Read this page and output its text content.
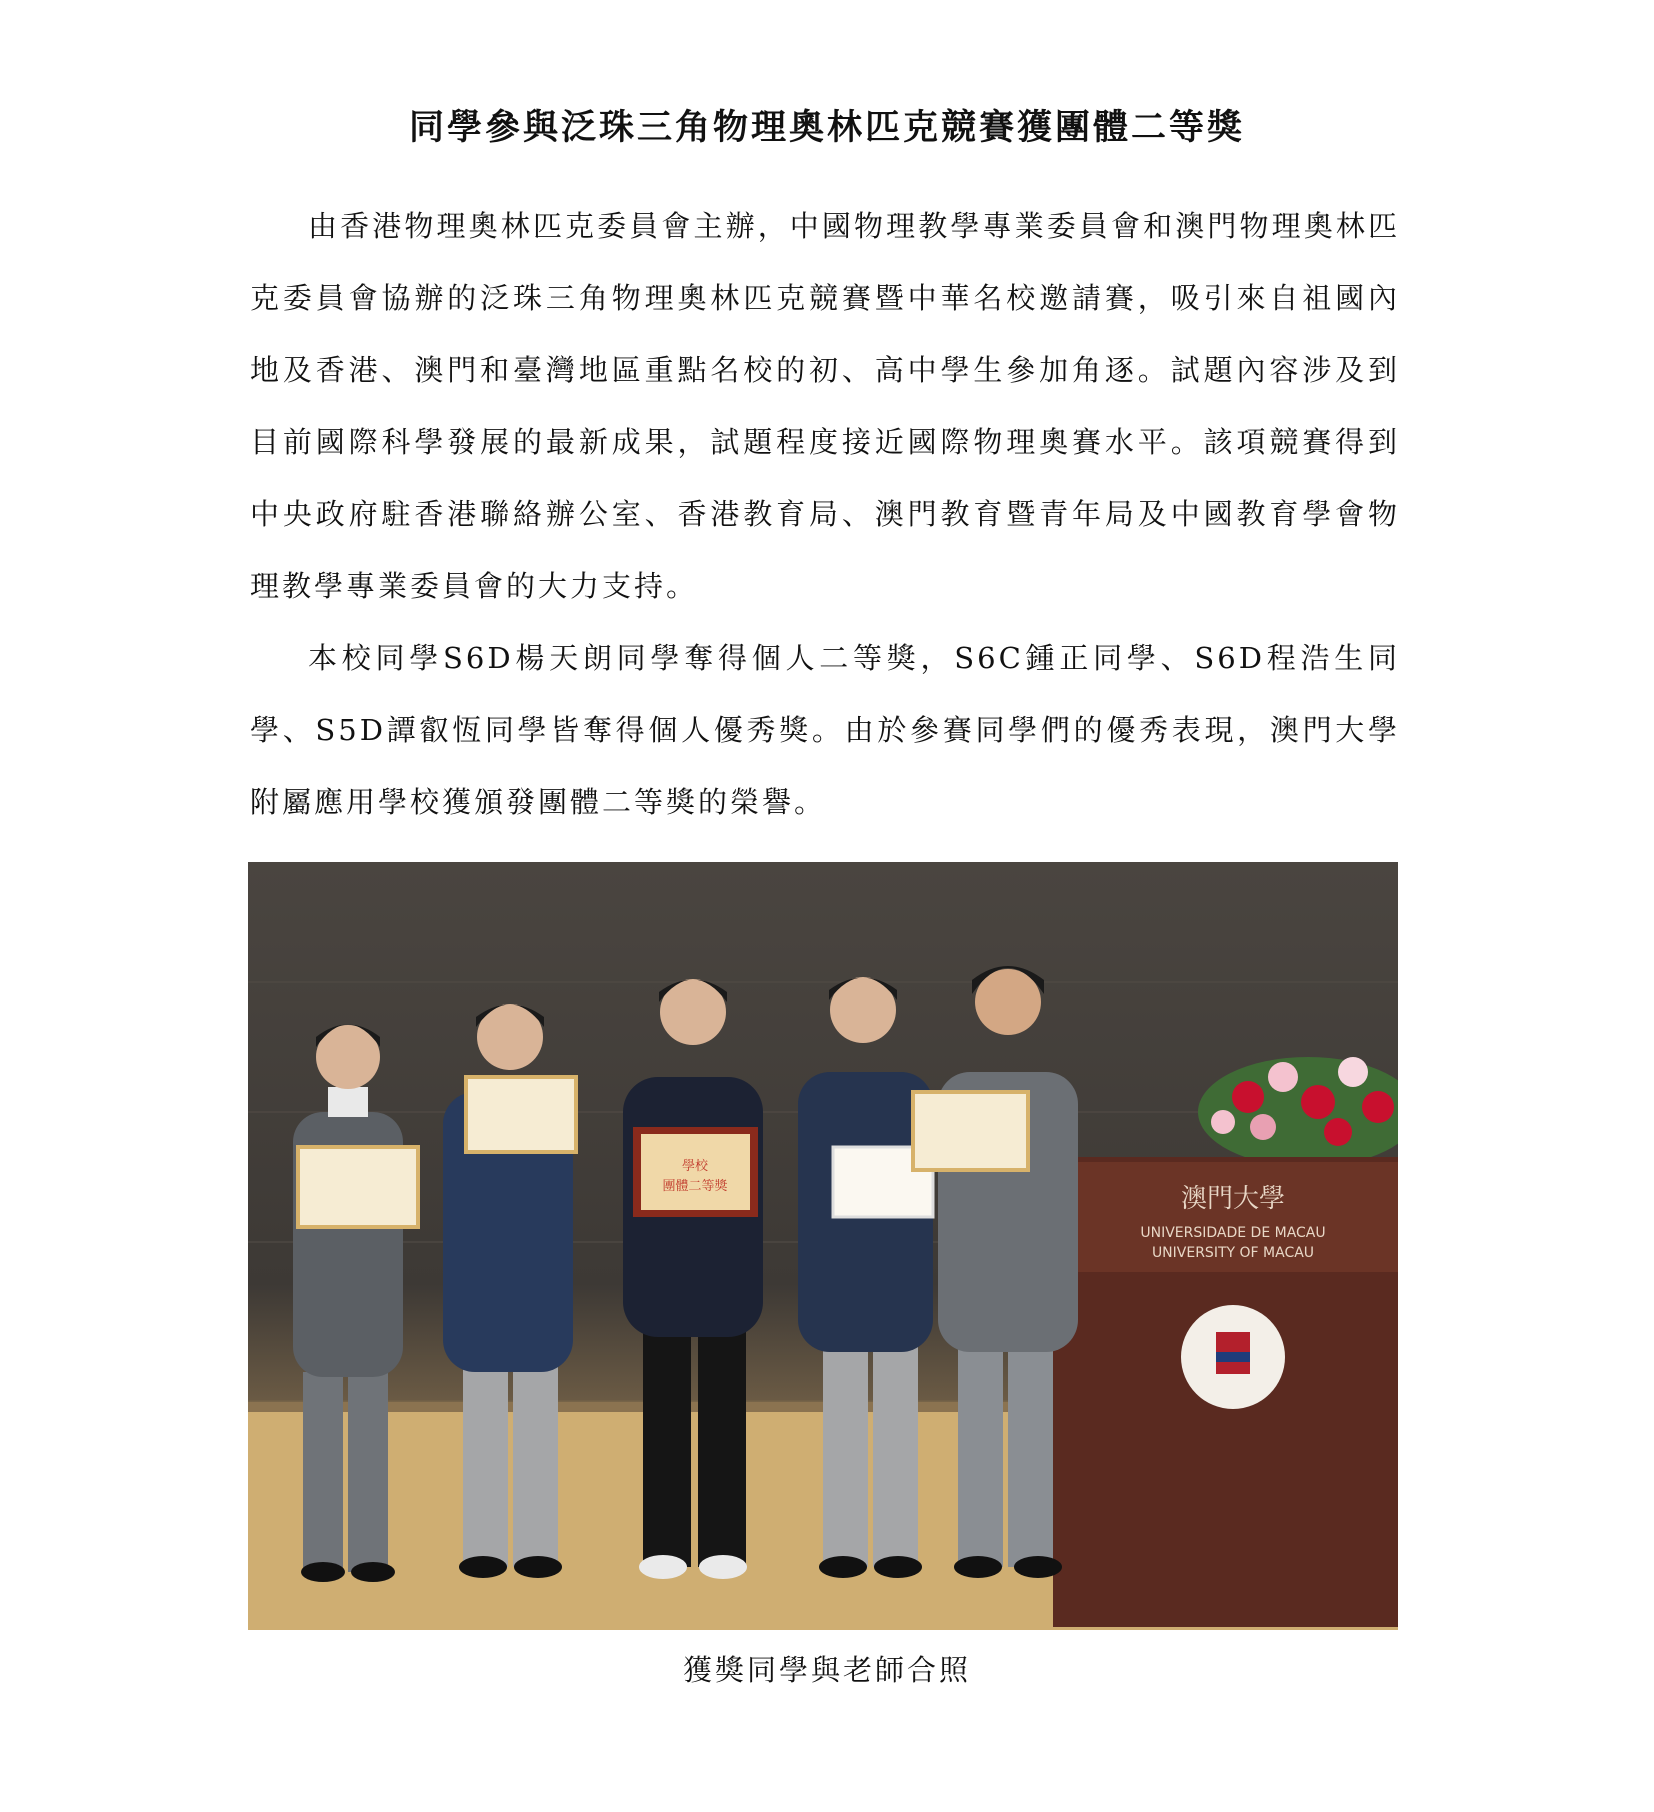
同學參與泛珠三角物理奧林匹克競賽獲團體二等獎

由香港物理奧林匹克委員會主辦，中國物理教學專業委員會和澳門物理奧林匹克委員會協辦的泛珠三角物理奧林匹克競賽暨中華名校邀請賽，吸引來自祖國內地及香港、澳門和臺灣地區重點名校的初、高中學生參加角逐。試題內容涉及到目前國際科學發展的最新成果，試題程度接近國際物理奧賽水平。該項競賽得到中央政府駐香港聯絡辦公室、香港教育局、澳門教育暨青年局及中國教育學會物理教學專業委員會的大力支持。

本校同學S6D楊天朗同學奪得個人二等獎，S6C鍾正同學、S6D程浩生同學、S5D譚叡恆同學皆奪得個人優秀獎。由於參賽同學們的優秀表現，澳門大學附屬應用學校獲頒發團體二等獎的榮譽。

澳門大學
UNIVERSIDADE DE MACAU
UNIVERSITY OF MACAU
學校
團體二等獎
獲獎同學與老師合照
